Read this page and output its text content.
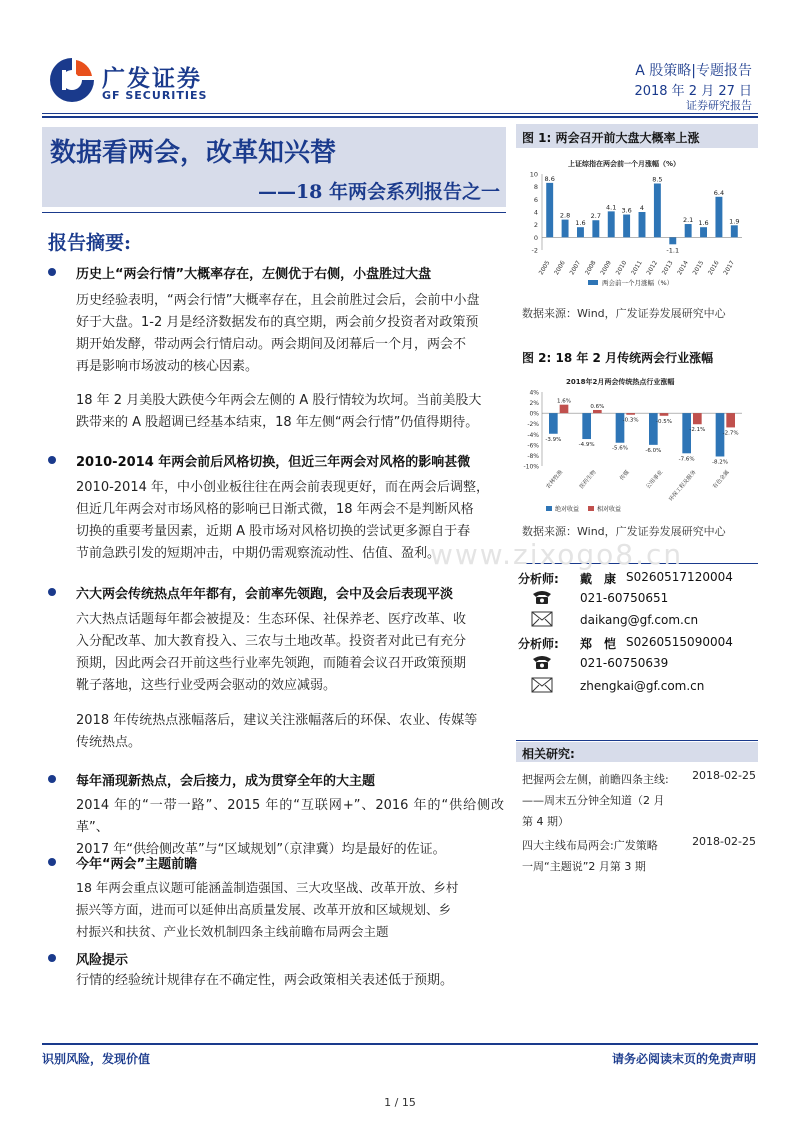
广发证券
GF SECURITIES
A 股策略|专题报告
2018 年 2 月 27 日
证券研究报告
数据看两会，改革知兴替
——18 年两会系列报告之一
报告摘要:
历史上“两会行情”大概率存在，左侧优于右侧，小盘胜过大盘
历史经验表明，“两会行情”大概率存在，且会前胜过会后，会前中小盘
好于大盘。1-2 月是经济数据发布的真空期，两会前夕投资者对政策预
期开始发酵，带动两会行情启动。两会期间及闭幕后一个月，两会不
再是影响市场波动的核心因素。
18 年 2 月美股大跌使今年两会左侧的 A 股行情较为坎坷。当前美股大
跌带来的 A 股超调已经基本结束，18 年左侧“两会行情”仍值得期待。
2010-2014 年两会前后风格切换，但近三年两会对风格的影响甚微
2010-2014 年，中小创业板往往在两会前表现更好，而在两会后调整，
但近几年两会对市场风格的影响已日渐式微，18 年两会不是判断风格
切换的重要考量因素，近期 A 股市场对风格切换的尝试更多源自于春
节前急跌引发的短期冲击，中期仍需观察流动性、估值、盈利。
六大两会传统热点年年都有，会前率先领跑，会中及会后表现平淡
六大热点话题每年都会被提及：生态环保、社保养老、医疗改革、收
入分配改革、加大教育投入、三农与土地改革。投资者对此已有充分
预期，因此两会召开前这些行业率先领跑，而随着会议召开政策预期
靴子落地，这些行业受两会驱动的效应减弱。
2018 年传统热点涨幅落后，建议关注涨幅落后的环保、农业、传媒等
传统热点。
每年涌现新热点，会后接力，成为贯穿全年的大主题
2014 年的“一带一路”、2015 年的“互联网+”、2016 年的“供给侧改革”、
2017 年“供给侧改革”与“区域规划”（京津冀）均是最好的佐证。
今年“两会”主题前瞻
18 年两会重点议题可能涵盖制造强国、三大攻坚战、改革开放、乡村
振兴等方面，进而可以延伸出高质量发展、改革开放和区域规划、乡
村振兴和扶贫、产业长效机制四条主线前瞻布局两会主题
风险提示
行情的经验统计规律存在不确定性，两会政策相关表述低于预期。
图 1: 两会召开前大盘大概率上涨
上证综指在两会前一个月涨幅（%）
10
8
6
4
2
0
-2
8.6
2005
2.8
2006
1.6
2007
2.7
2008
4.1
2009
3.6
2010
4
2011
8.5
2012
-1.1
2013
2.1
2014
1.6
2015
6.4
2016
1.9
2017
两会前一个月涨幅（%）
数据来源：Wind，广发证券发展研究中心
图 2: 18 年 2 月传统两会行业涨幅
2018年2月两会传统热点行业涨幅
4%
2%
0%
-2%
-4%
-6%
-8%
-10%
-3.9%
1.6%
农林牧渔
-4.9%
0.6%
医药生物
-5.6%
-0.3%
传媒
-6.0%
-0.5%
公用事业
-7.6%
-2.1%
环保工程及服务
-8.2%
-2.7%
有色金属
绝对收益	相对收益
数据来源：Wind，广发证券发展研究中心
分析师: 戴　康 S0260517120004
021-60750651
daikang@gf.com.cn
分析师: 郑　恺 S0260515090004
021-60750639
zhengkai@gf.com.cn
相关研究:
把握两会左侧，前瞻四条主线:
——周末五分钟全知道（2 月
第 4 期）
2018-02-25
四大主线布局两会:广发策略
一周“主题说”2 月第 3 期
2018-02-25
www.zixogo8.cn
识别风险，发现价值	请务必阅读末页的免责声明
1 / 15
